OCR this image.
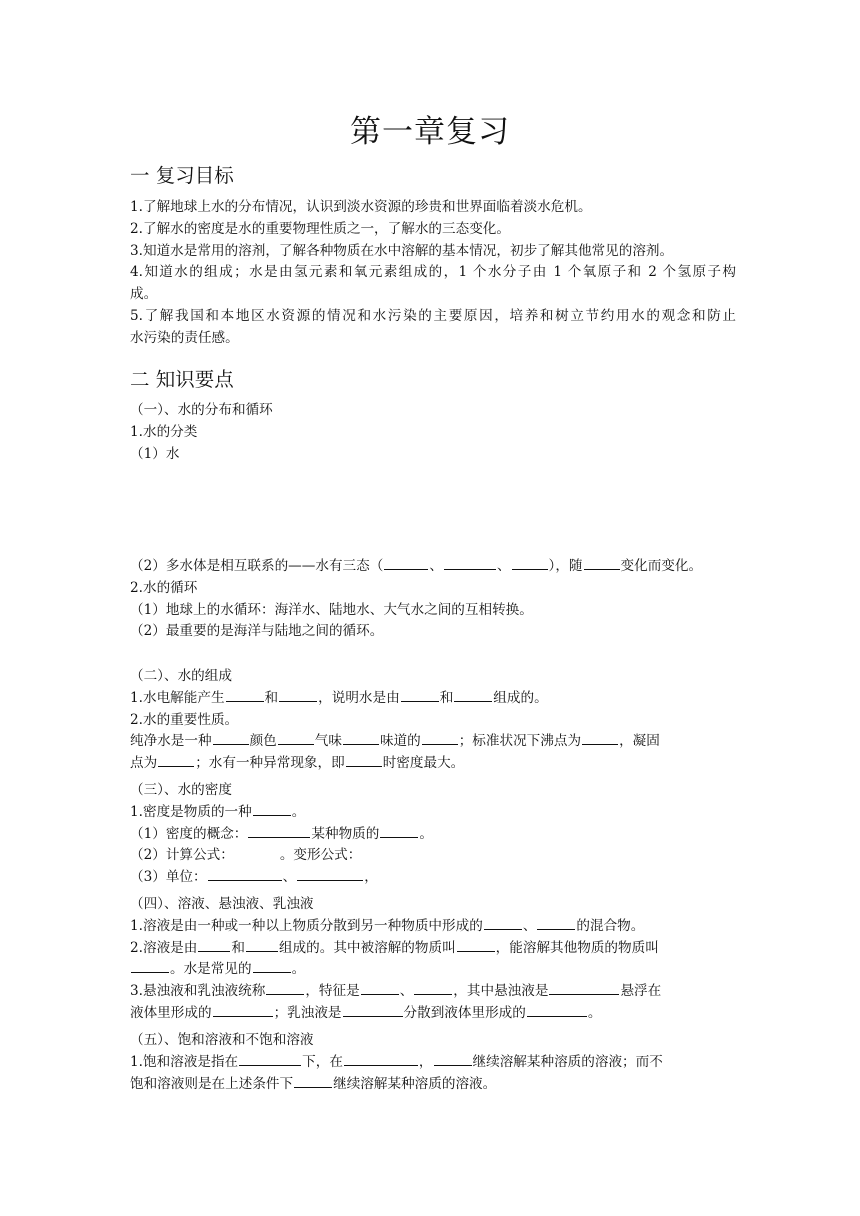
第一章复习
一 复习目标
1.了解地球上水的分布情况，认识到淡水资源的珍贵和世界面临着淡水危机。
2.了解水的密度是水的重要物理性质之一，了解水的三态变化。
3.知道水是常用的溶剂，了解各种物质在水中溶解的基本情况，初步了解其他常见的溶剂。
4.知道水的组成；水是由氢元素和氧元素组成的，1 个水分子由 1 个氧原子和 2 个氢原子构
成。
5.了解我国和本地区水资源的情况和水污染的主要原因，培养和树立节约用水的观念和防止
水污染的责任感。
二 知识要点
（一）、水的分布和循环
1.水的分类
（1）水
（2）多水体是相互联系的——水有三态（	、	、	），随	变化而变化。
2.水的循环
（1）地球上的水循环：海洋水、陆地水、大气水之间的互相转换。
（2）最重要的是海洋与陆地之间的循环。
（二）、水的组成
1.水电解能产生	和	，说明水是由	和	组成的。
2.水的重要性质。
纯净水是一种	颜色	气味	味道的	；标准状况下沸点为	，凝固
点为	；水有一种异常现象，即	时密度最大。
（三）、水的密度
1.密度是物质的一种	。
（1）密度的概念：	某种物质的	。
（2）计算公式：	。变形公式：
（3）单位：	、	，
（四）、溶液、悬浊液、乳浊液
1.溶液是由一种或一种以上物质分散到另一种物质中形成的	、	的混合物。
2.溶液是由	和	组成的。其中被溶解的物质叫	，能溶解其他物质的物质叫
。水是常见的	。
3.悬浊液和乳浊液统称	，特征是	、	，其中悬浊液是	悬浮在
液体里形成的	；乳浊液是	分散到液体里形成的	。
（五）、饱和溶液和不饱和溶液
1.饱和溶液是指在	下，在	，	继续溶解某种溶质的溶液；而不
饱和溶液则是在上述条件下	继续溶解某种溶质的溶液。
